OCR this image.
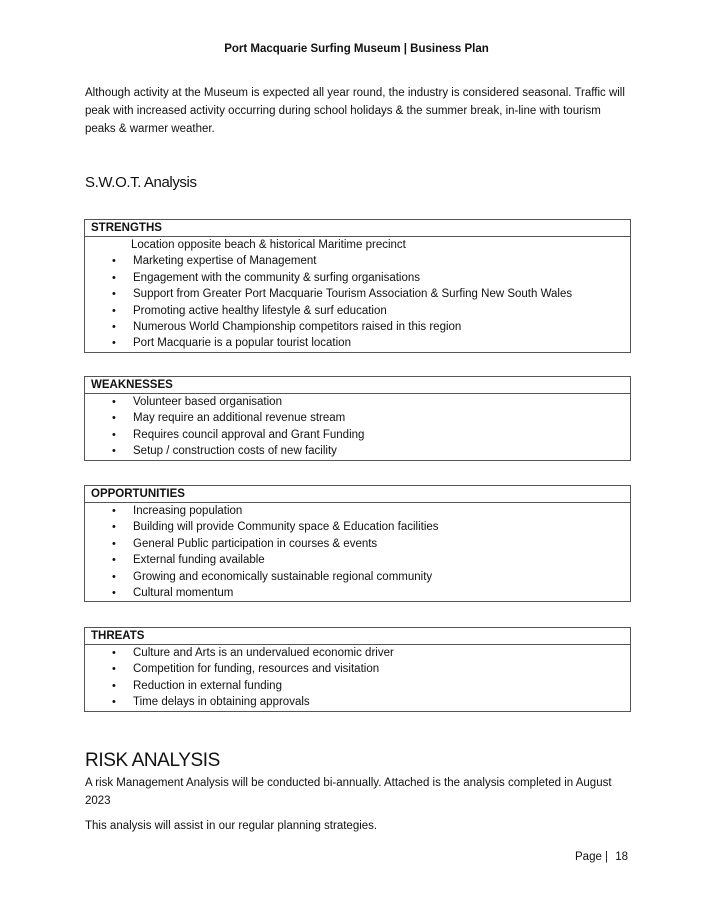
Port Macquarie Surfing Museum | Business Plan
Although activity at the Museum is expected all year round, the industry is considered seasonal. Traffic will peak with increased activity occurring during school holidays & the summer break, in-line with tourism peaks & warmer weather.
S.W.O.T. Analysis
STRENGTHS
Location opposite beach & historical Maritime precinct
• Marketing expertise of Management
• Engagement with the community & surfing organisations
• Support from Greater Port Macquarie Tourism Association & Surfing New South Wales
• Promoting active healthy lifestyle & surf education
• Numerous World Championship competitors raised in this region
• Port Macquarie is a popular tourist location
WEAKNESSES
• Volunteer based organisation
• May require an additional revenue stream
• Requires council approval and Grant Funding
• Setup / construction costs of new facility
OPPORTUNITIES
• Increasing population
• Building will provide Community space & Education facilities
• General Public participation in courses & events
• External funding available
• Growing and economically sustainable regional community
• Cultural momentum
THREATS
• Culture and Arts is an undervalued economic driver
• Competition for funding, resources and visitation
• Reduction in external funding
• Time delays in obtaining approvals
RISK ANALYSIS
A risk Management Analysis will be conducted bi-annually. Attached is the analysis completed in August 2023
This analysis will assist in our regular planning strategies.
Page | 18
